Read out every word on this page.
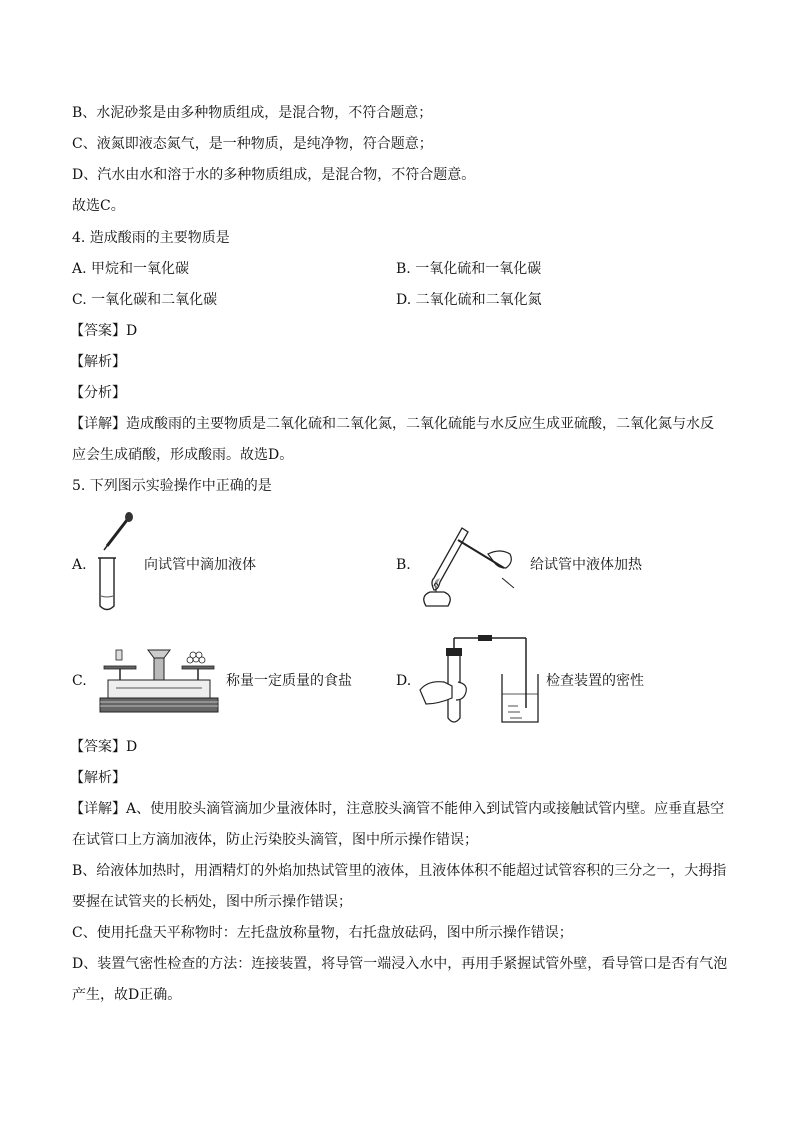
B、水泥砂浆是由多种物质组成，是混合物，不符合题意；
C、液氮即液态氮气，是一种物质，是纯净物，符合题意；
D、汽水由水和溶于水的多种物质组成，是混合物，不符合题意。
故选C。
4. 造成酸雨的主要物质是
A. 甲烷和一氧化碳	B. 一氧化硫和一氧化碳
C. 一氧化碳和二氧化碳	D. 二氧化硫和二氧化氮
【答案】D
【解析】
【分析】
【详解】造成酸雨的主要物质是二氧化硫和二氧化氮，二氧化硫能与水反应生成亚硫酸，二氧化氮与水反
应会生成硝酸，形成酸雨。故选D。
5. 下列图示实验操作中正确的是
A.	向试管中滴加液体	B.	给试管中液体加热
C.	称量一定质量的食盐	D.	检查装置的密性
【答案】D
【解析】
【详解】A、使用胶头滴管滴加少量液体时，注意胶头滴管不能伸入到试管内或接触试管内壁。应垂直悬空
在试管口上方滴加液体，防止污染胶头滴管，图中所示操作错误；
B、给液体加热时，用酒精灯的外焰加热试管里的液体，且液体体积不能超过试管容积的三分之一，大拇指
要握在试管夹的长柄处，图中所示操作错误；
C、使用托盘天平称物时：左托盘放称量物，右托盘放砝码，图中所示操作错误；
D、装置气密性检查的方法：连接装置，将导管一端浸入水中，再用手紧握试管外壁，看导管口是否有气泡
产生，故D正确。
